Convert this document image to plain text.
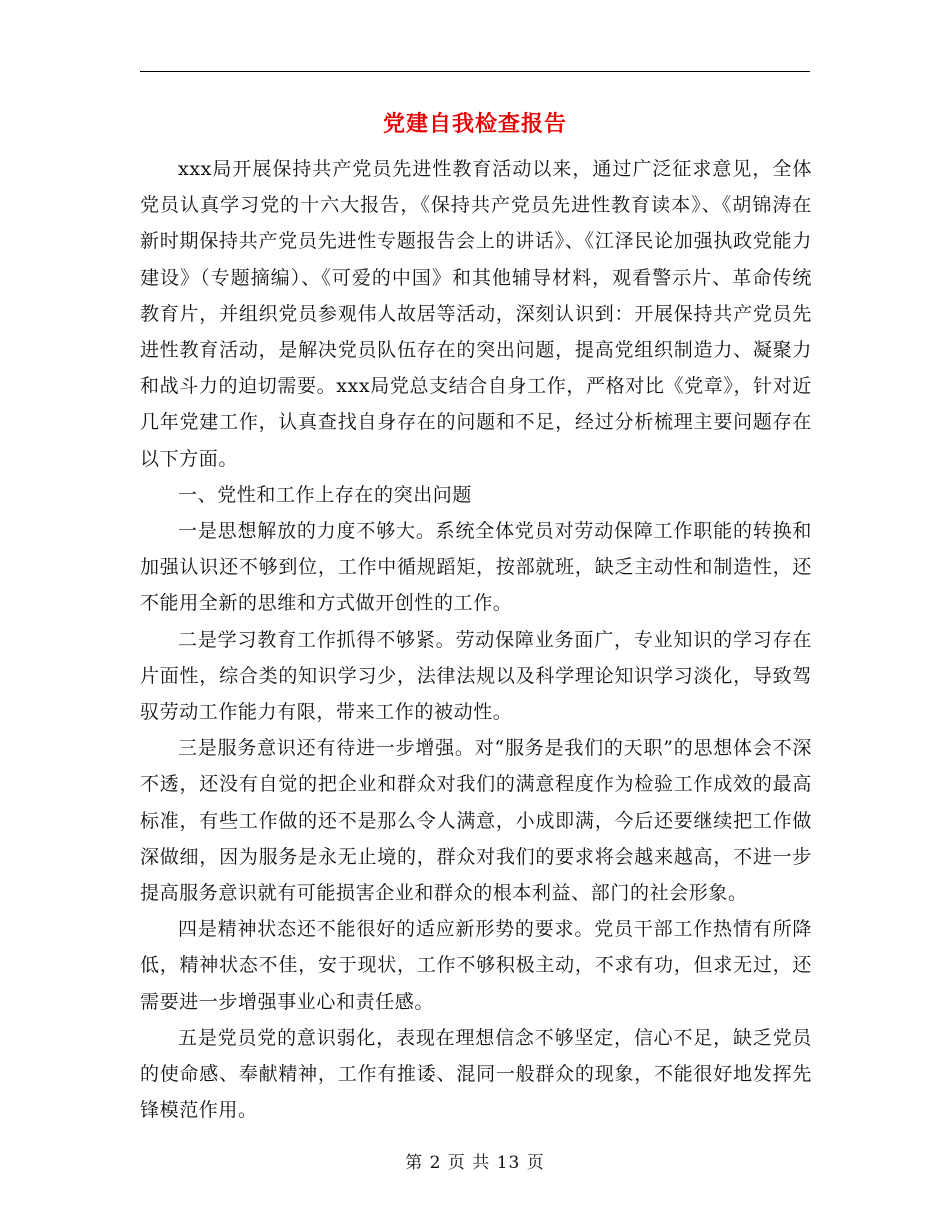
党建自我检查报告

xxx局开展保持共产党员先进性教育活动以来，通过广泛征求意见，全体党员认真学习党的十六大报告，《保持共产党员先进性教育读本》、《胡锦涛在新时期保持共产党员先进性专题报告会上的讲话》、《江泽民论加强执政党能力建设》（专题摘编）、《可爱的中国》和其他辅导材料，观看警示片、革命传统教育片，并组织党员参观伟人故居等活动，深刻认识到：开展保持共产党员先进性教育活动，是解决党员队伍存在的突出问题，提高党组织制造力、凝聚力和战斗力的迫切需要。xxx局党总支结合自身工作，严格对比《党章》，针对近几年党建工作，认真查找自身存在的问题和不足，经过分析梳理主要问题存在以下方面。

一、党性和工作上存在的突出问题

一是思想解放的力度不够大。系统全体党员对劳动保障工作职能的转换和加强认识还不够到位，工作中循规蹈矩，按部就班，缺乏主动性和制造性，还不能用全新的思维和方式做开创性的工作。

二是学习教育工作抓得不够紧。劳动保障业务面广，专业知识的学习存在片面性，综合类的知识学习少，法律法规以及科学理论知识学习淡化，导致驾驭劳动工作能力有限，带来工作的被动性。

三是服务意识还有待进一步增强。对“服务是我们的天职”的思想体会不深不透，还没有自觉的把企业和群众对我们的满意程度作为检验工作成效的最高标准，有些工作做的还不是那么令人满意，小成即满，今后还要继续把工作做深做细，因为服务是永无止境的，群众对我们的要求将会越来越高，不进一步提高服务意识就有可能损害企业和群众的根本利益、部门的社会形象。

四是精神状态还不能很好的适应新形势的要求。党员干部工作热情有所降低，精神状态不佳，安于现状，工作不够积极主动，不求有功，但求无过，还需要进一步增强事业心和责任感。

五是党员党的意识弱化，表现在理想信念不够坚定，信心不足，缺乏党员的使命感、奉献精神，工作有推诿、混同一般群众的现象，不能很好地发挥先锋模范作用。

第 2 页 共 13 页
